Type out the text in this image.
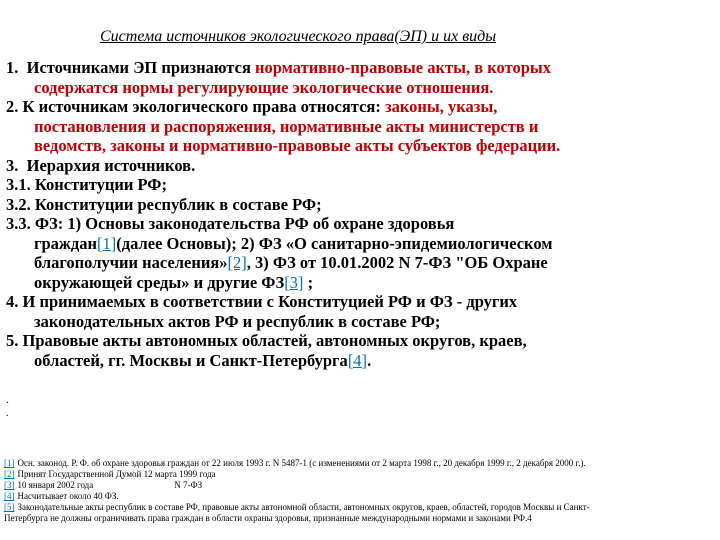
Система источников экологического права(ЭП) и их виды
1. Источниками ЭП признаются нормативно-правовые акты, в которых
содержатся нормы регулирующие экологические отношения.
2. К источникам экологического права относятся: законы, указы,
постановления и распоряжения, нормативные акты министерств и
ведомств, законы и нормативно-правовые акты субъектов федерации.
3. Иерархия источников.
3.1. Конституции РФ;
3.2. Конституции республик в составе РФ;
3.3. ФЗ: 1) Основы законодательства РФ об охране здоровья
граждан[1](далее Основы); 2) ФЗ «О санитарно-эпидемиологическом
благополучии населения»[2], 3) ФЗ от 10.01.2002 N 7-ФЗ "ОБ Охране
окружающей среды» и другие ФЗ[3] ;
4. И принимаемых в соответствии с Конституцией РФ и ФЗ - других
законодательных актов РФ и республик в составе РФ;
5. Правовые акты автономных областей, автономных округов, краев,
областей, гг. Москвы и Санкт-Петербурга[4].
.
.
[1] Осн. законод. Р. Ф. об охране здоровья граждан от 22 июля 1993 г. N 5487-1 (с изменениями от 2 марта 1998 г., 20 декабря 1999 г., 2 декабря 2000 г.).
[2] Принят Государственной Думой 12 марта 1999 года
[3] 10 января 2002 года                                    N 7-ФЗ
[4] Насчитывает около 40 ФЗ.
[5] Законодательные акты республик в составе РФ, правовые акты автономной области, автономных округов, краев, областей, городов Москвы и Санкт-
Петербурга не должны ограничивать права граждан в области охраны здоровья, признанные международными нормами и законами РФ.4
